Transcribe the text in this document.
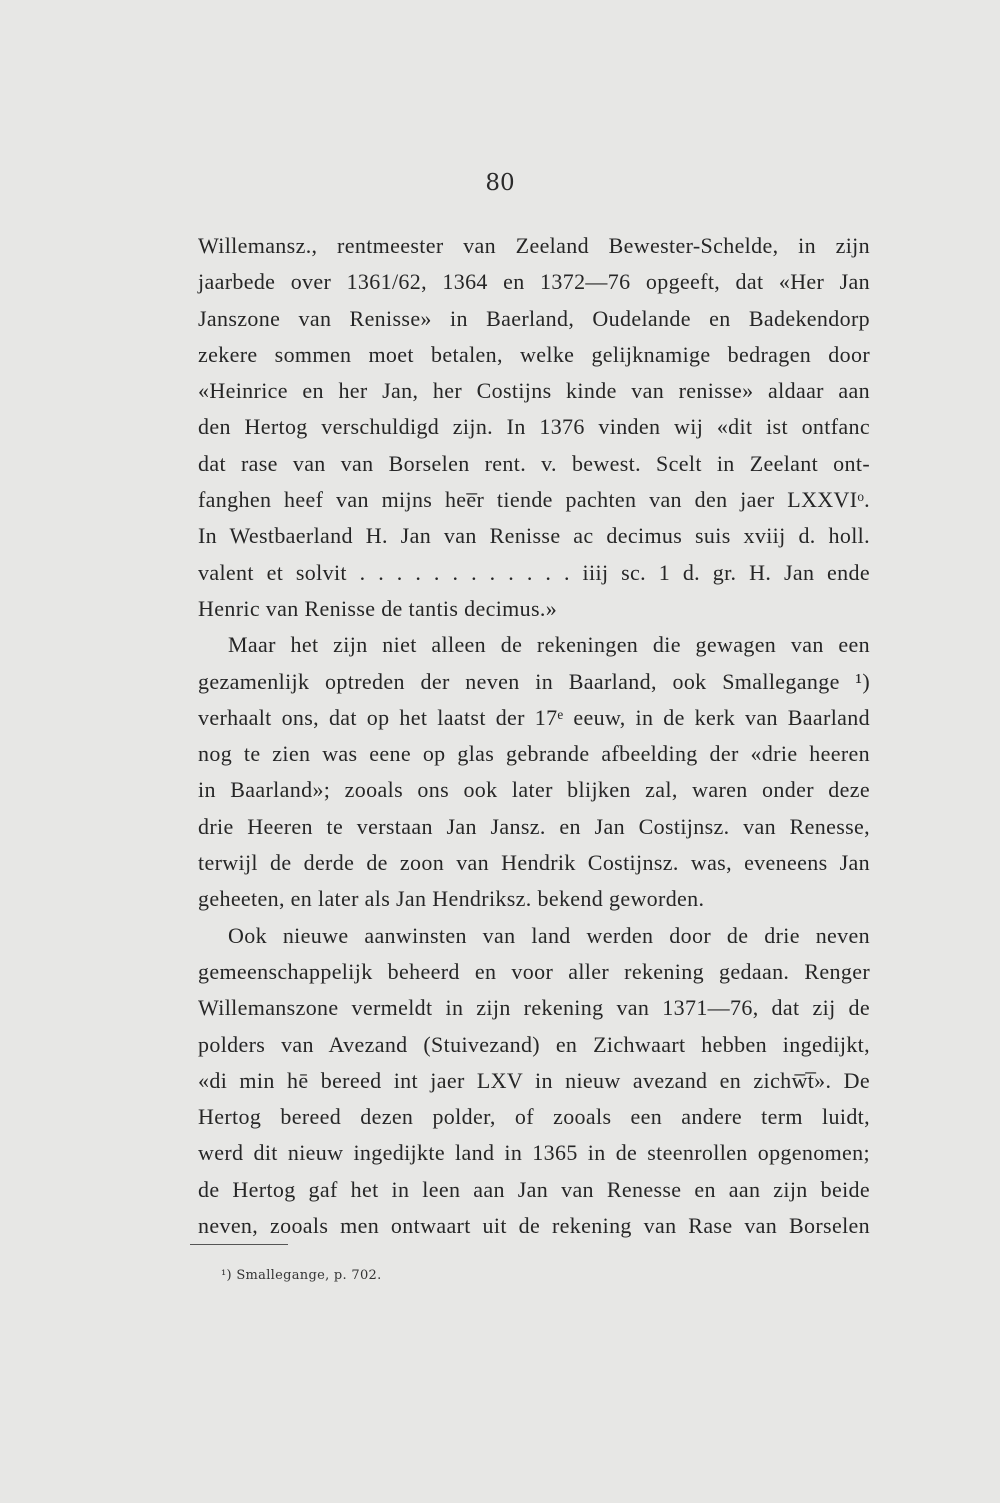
80
Willemansz., rentmeester van Zeeland Bewester-Schelde, in zijn
jaarbede over 1361/62, 1364 en 1372—76 opgeeft, dat «Her Jan
Janszone van Renisse» in Baerland, Oudelande en Badekendorp
zekere sommen moet betalen, welke gelijknamige bedragen door
«Heinrice en her Jan, her Costijns kinde van renisse» aldaar aan
den Hertog verschuldigd zijn. In 1376 vinden wij «dit ist ontfanc
dat rase van van Borselen rent. v. bewest. Scelt in Zeelant ont-
fanghen heef van mijns hee̅r tiende pachten van den jaer LXXVIᵒ.
In Westbaerland H. Jan van Renisse ac decimus suis xviij d. holl.
valent et solvit . . . . . . . . . . . . iiij sc. 1 d. gr. H. Jan ende
Henric van Renisse de tantis decimus.»
Maar het zijn niet alleen de rekeningen die gewagen van een
gezamenlijk optreden der neven in Baarland, ook Smallegange ¹)
verhaalt ons, dat op het laatst der 17ᵉ eeuw, in de kerk van Baarland
nog te zien was eene op glas gebrande afbeelding der «drie heeren
in Baarland»; zooals ons ook later blijken zal, waren onder deze
drie Heeren te verstaan Jan Jansz. en Jan Costijnsz. van Renesse,
terwijl de derde de zoon van Hendrik Costijnsz. was, eveneens Jan
geheeten, en later als Jan Hendriksz. bekend geworden.
Ook nieuwe aanwinsten van land werden door de drie neven
gemeenschappelijk beheerd en voor aller rekening gedaan. Renger
Willemanszone vermeldt in zijn rekening van 1371—76, dat zij de
polders van Avezand (Stuivezand) en Zichwaart hebben ingedijkt,
«di min hē bereed int jaer LXV in nieuw avezand en zichw̅t̅». De
Hertog bereed dezen polder, of zooals een andere term luidt,
werd dit nieuw ingedijkte land in 1365 in de steenrollen opgenomen;
de Hertog gaf het in leen aan Jan van Renesse en aan zijn beide
neven, zooals men ontwaart uit de rekening van Rase van Borselen
¹) Smallegange, p. 702.
